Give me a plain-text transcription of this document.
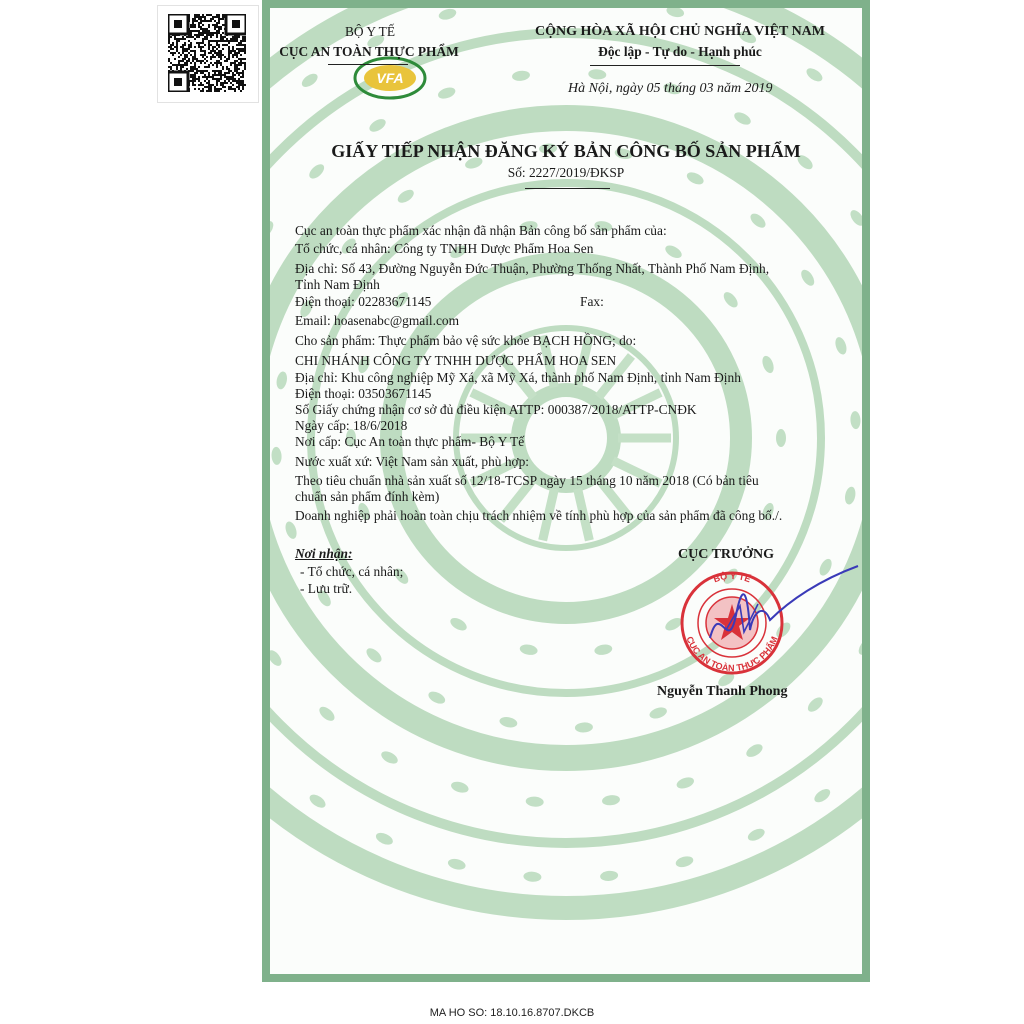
VFA
BỘ Y TẾ
CỤC AN TOÀN THỰC PHẨM
CỘNG HÒA XÃ HỘI CHỦ NGHĨA VIỆT NAM
Độc lập - Tự do - Hạnh phúc
Hà Nội, ngày 05 tháng 03 năm 2019
GIẤY TIẾP NHẬN ĐĂNG KÝ BẢN CÔNG BỐ SẢN PHẨM
Số: 2227/2019/ĐKSP
Cục an toàn thực phẩm xác nhận đã nhận Bản công bố sản phẩm của:
Tổ chức, cá nhân: Công ty TNHH Dược Phẩm Hoa Sen
Địa chỉ: Số 43, Đường Nguyễn Đức Thuận, Phường Thống Nhất, Thành Phố Nam Định,
Tỉnh Nam Định
Điện thoại: 02283671145	Fax:
Email: hoasenabc@gmail.com
Cho sản phẩm: Thực phẩm bảo vệ sức khỏe BẠCH HỒNG; do:
CHI NHÁNH CÔNG TY TNHH DƯỢC PHẨM HOA SEN
Địa chỉ: Khu công nghiệp Mỹ Xá, xã Mỹ Xá, thành phố Nam Định, tỉnh Nam Định
Điện thoại: 03503671145
Số Giấy chứng nhận cơ sở đủ điều kiện ATTP: 000387/2018/ATTP-CNĐK
Ngày cấp: 18/6/2018
Nơi cấp: Cục An toàn thực phẩm- Bộ Y Tế
Nước xuất xứ: Việt Nam sản xuất, phù hợp:
Theo tiêu chuẩn nhà sản xuất số 12/18-TCSP ngày 15 tháng 10 năm 2018 (Có bản tiêu
chuẩn sản phẩm đính kèm)
Doanh nghiệp phải hoàn toàn chịu trách nhiệm về tính phù hợp của sản phẩm đã công bố./.
Nơi nhận:
- Tổ chức, cá nhân;
- Lưu trữ.
CỤC TRƯỞNG
BỘ Y TẾ
CỤC AN TOÀN THỰC PHẨM
Nguyễn Thanh Phong
MA HO SO: 18.10.16.8707.DKCB
